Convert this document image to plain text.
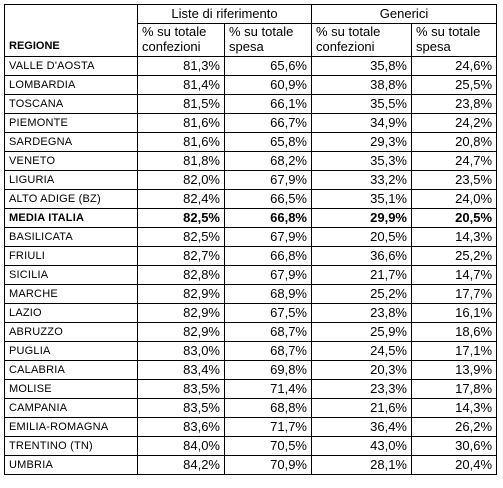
	Liste di riferimento		Generici	
REGIONE	% su totale confezioni	% su totale spesa	% su totale confezioni	% su totale spesa
VALLE D'AOSTA	81,3%	65,6%	35,8%	24,6%
LOMBARDIA	81,4%	60,9%	38,8%	25,5%
TOSCANA	81,5%	66,1%	35,5%	23,8%
PIEMONTE	81,6%	66,7%	34,9%	24,2%
SARDEGNA	81,6%	65,8%	29,3%	20,8%
VENETO	81,8%	68,2%	35,3%	24,7%
LIGURIA	82,0%	67,9%	33,2%	23,5%
ALTO ADIGE (BZ)	82,4%	66,5%	35,1%	24,0%
MEDIA ITALIA	82,5%	66,8%	29,9%	20,5%
BASILICATA	82,5%	67,9%	20,5%	14,3%
FRIULI	82,7%	66,8%	36,6%	25,2%
SICILIA	82,8%	67,9%	21,7%	14,7%
MARCHE	82,9%	68,9%	25,2%	17,7%
LAZIO	82,9%	67,5%	23,8%	16,1%
ABRUZZO	82,9%	68,7%	25,9%	18,6%
PUGLIA	83,0%	68,7%	24,5%	17,1%
CALABRIA	83,4%	69,8%	20,3%	13,9%
MOLISE	83,5%	71,4%	23,3%	17,8%
CAMPANIA	83,5%	68,8%	21,6%	14,3%
EMILIA-ROMAGNA	83,6%	71,7%	36,4%	26,2%
TRENTINO (TN)	84,0%	70,5%	43,0%	30,6%
UMBRIA	84,2%	70,9%	28,1%	20,4%
